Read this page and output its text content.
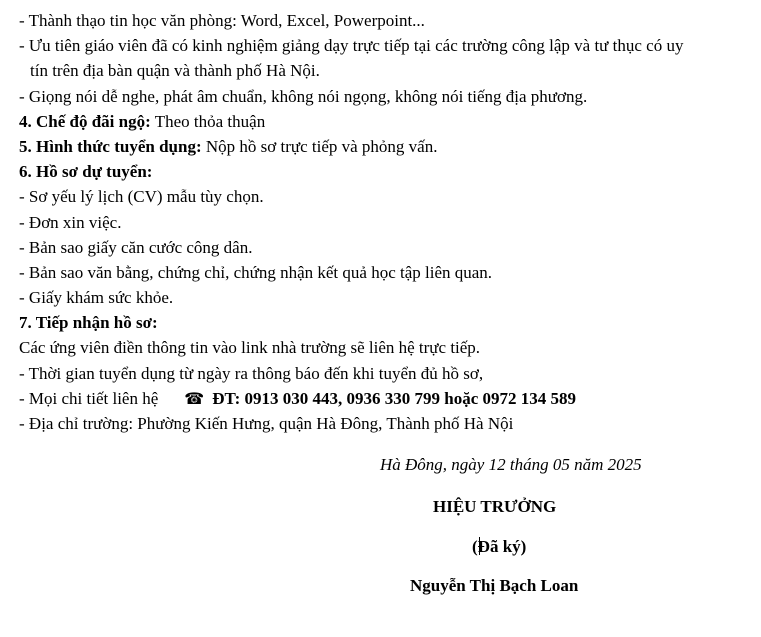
- Thành thạo tin học văn phòng: Word, Excel, Powerpoint...
- Ưu tiên giáo viên đã có kinh nghiệm giảng dạy trực tiếp tại các trường công lập và tư thục có uy
tín trên địa bàn quận và thành phố Hà Nội.
- Giọng nói dễ nghe, phát âm chuẩn, không nói ngọng, không nói tiếng địa phương.
4. Chế độ đãi ngộ: Theo thỏa thuận
5. Hình thức tuyển dụng: Nộp hồ sơ trực tiếp và phỏng vấn.
6. Hồ sơ dự tuyển:
- Sơ yếu lý lịch (CV) mẫu tùy chọn.
- Đơn xin việc.
- Bản sao giấy căn cước công dân.
- Bản sao văn bằng, chứng chỉ, chứng nhận kết quả học tập liên quan.
- Giấy khám sức khỏe.
7. Tiếp nhận hồ sơ:
Các ứng viên điền thông tin vào link nhà trường sẽ liên hệ trực tiếp.
- Thời gian tuyển dụng từ ngày ra thông báo đến khi tuyển đủ hồ sơ,
- Mọi chi tiết liên hệ ☎ ĐT: 0913 030 443, 0936 330 799 hoặc 0972 134 589
- Địa chỉ trường: Phường Kiến Hưng, quận Hà Đông, Thành phố Hà Nội
Hà Đông, ngày 12 tháng 05 năm 2025
HIỆU TRƯỞNG
(Đã ký)
Nguyễn Thị Bạch Loan
